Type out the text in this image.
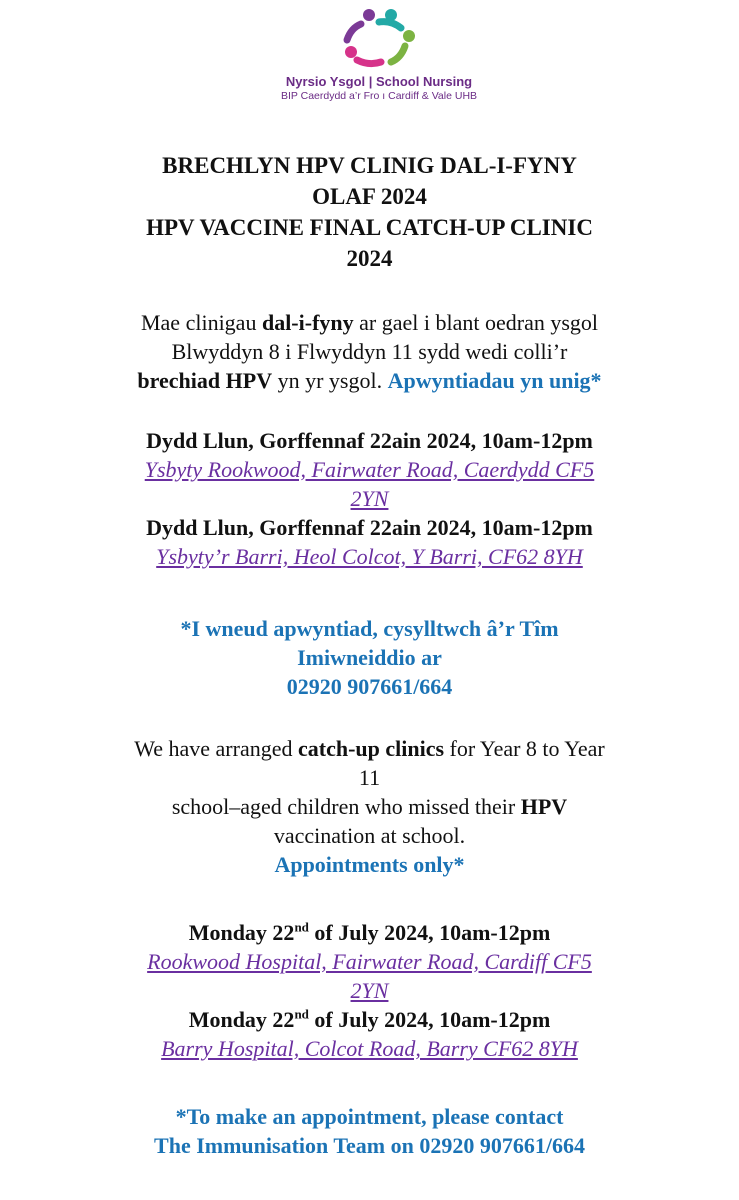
Nyrsio Ysgol | School Nursing
BIP Caerdydd a’r Fro ı Cardiff & Vale UHB
BRECHLYN HPV CLINIG DAL-I-FYNY
OLAF 2024
HPV VACCINE FINAL CATCH-UP CLINIC
2024
Mae clinigau dal-i-fyny ar gael i blant oedran ysgol
Blwyddyn 8 i Flwyddyn 11 sydd wedi colli’r
brechiad HPV yn yr ysgol. Apwyntiadau yn unig*
Dydd Llun, Gorffennaf 22ain 2024, 10am-12pm
Ysbyty Rookwood, Fairwater Road, Caerdydd CF5
2YN
Dydd Llun, Gorffennaf 22ain 2024, 10am-12pm
Ysbyty’r Barri, Heol Colcot, Y Barri, CF62 8YH
*I wneud apwyntiad, cysylltwch â’r Tîm
Imiwneiddio ar
02920 907661/664
We have arranged catch-up clinics for Year 8 to Year
11
school–aged children who missed their HPV
vaccination at school.
Appointments only*
Monday 22nd of July 2024, 10am-12pm
Rookwood Hospital, Fairwater Road, Cardiff CF5
2YN
Monday 22nd of July 2024, 10am-12pm
Barry Hospital, Colcot Road, Barry CF62 8YH
*To make an appointment, please contact
The Immunisation Team on 02920 907661/664
